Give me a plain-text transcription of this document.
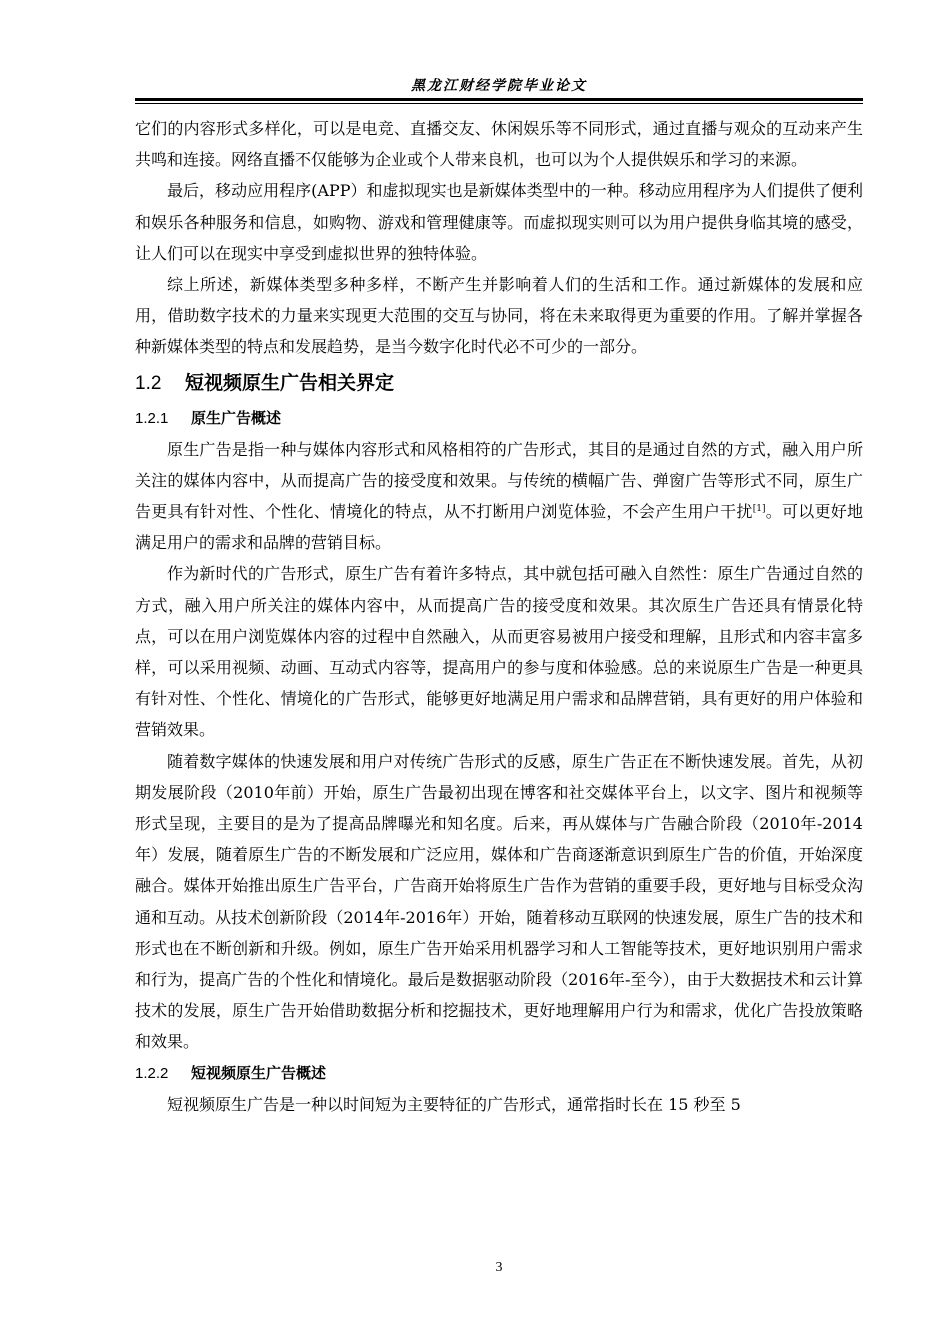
黑龙江财经学院毕业论文

它们的内容形式多样化，可以是电竞、直播交友、休闲娱乐等不同形式，通过直播与观众的互动来产生共鸣和连接。网络直播不仅能够为企业或个人带来良机，也可以为个人提供娱乐和学习的来源。

最后，移动应用程序(APP）和虚拟现实也是新媒体类型中的一种。移动应用程序为人们提供了便利和娱乐各种服务和信息，如购物、游戏和管理健康等。而虚拟现实则可以为用户提供身临其境的感受，让人们可以在现实中享受到虚拟世界的独特体验。

综上所述，新媒体类型多种多样，不断产生并影响着人们的生活和工作。通过新媒体的发展和应用，借助数字技术的力量来实现更大范围的交互与协同，将在未来取得更为重要的作用。了解并掌握各种新媒体类型的特点和发展趋势，是当今数字化时代必不可少的一部分。

1.2 短视频原生广告相关界定
1.2.1 原生广告概述

原生广告是指一种与媒体内容形式和风格相符的广告形式，其目的是通过自然的方式，融入用户所关注的媒体内容中，从而提高广告的接受度和效果。与传统的横幅广告、弹窗广告等形式不同，原生广告更具有针对性、个性化、情境化的特点，从不打断用户浏览体验，不会产生用户干扰[1]。可以更好地满足用户的需求和品牌的营销目标。

作为新时代的广告形式，原生广告有着许多特点，其中就包括可融入自然性：原生广告通过自然的方式，融入用户所关注的媒体内容中，从而提高广告的接受度和效果。其次原生广告还具有情景化特点，可以在用户浏览媒体内容的过程中自然融入，从而更容易被用户接受和理解，且形式和内容丰富多样，可以采用视频、动画、互动式内容等，提高用户的参与度和体验感。总的来说原生广告是一种更具有针对性、个性化、情境化的广告形式，能够更好地满足用户需求和品牌营销，具有更好的用户体验和营销效果。

随着数字媒体的快速发展和用户对传统广告形式的反感，原生广告正在不断快速发展。首先，从初期发展阶段（2010年前）开始，原生广告最初出现在博客和社交媒体平台上，以文字、图片和视频等形式呈现，主要目的是为了提高品牌曝光和知名度。后来，再从媒体与广告融合阶段（2010年-2014年）发展，随着原生广告的不断发展和广泛应用，媒体和广告商逐渐意识到原生广告的价值，开始深度融合。媒体开始推出原生广告平台，广告商开始将原生广告作为营销的重要手段，更好地与目标受众沟通和互动。从技术创新阶段（2014年-2016年）开始，随着移动互联网的快速发展，原生广告的技术和形式也在不断创新和升级。例如，原生广告开始采用机器学习和人工智能等技术，更好地识别用户需求和行为，提高广告的个性化和情境化。最后是数据驱动阶段（2016年-至今），由于大数据技术和云计算技术的发展，原生广告开始借助数据分析和挖掘技术，更好地理解用户行为和需求，优化广告投放策略和效果。

1.2.2 短视频原生广告概述

短视频原生广告是一种以时间短为主要特征的广告形式，通常指时长在 15 秒至 5

3
